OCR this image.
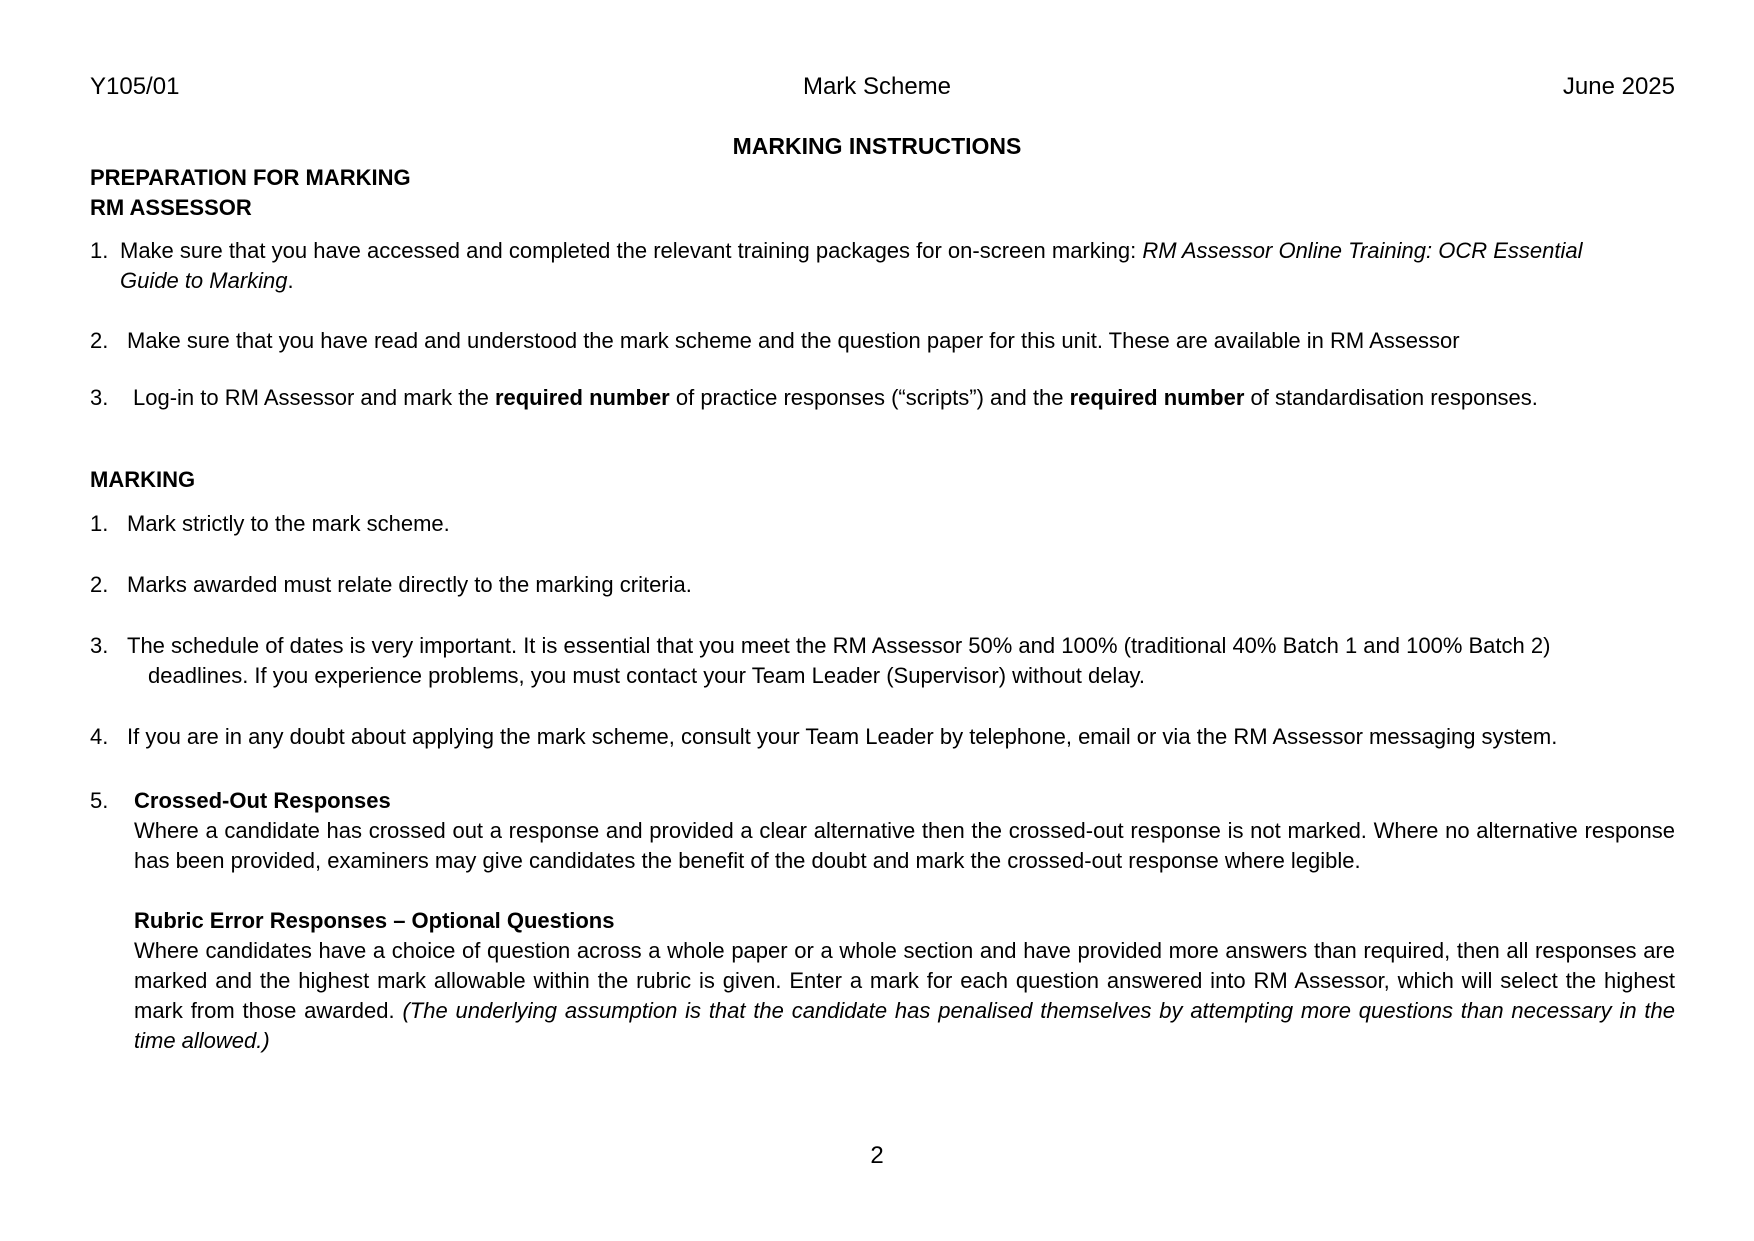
Y105/01	Mark Scheme	June 2025
MARKING INSTRUCTIONS
PREPARATION FOR MARKING
RM ASSESSOR
1. Make sure that you have accessed and completed the relevant training packages for on-screen marking: RM Assessor Online Training: OCR Essential
Guide to Marking.
2. Make sure that you have read and understood the mark scheme and the question paper for this unit. These are available in RM Assessor
3. Log-in to RM Assessor and mark the required number of practice responses (“scripts”) and the required number of standardisation responses.
MARKING
1. Mark strictly to the mark scheme.
2. Marks awarded must relate directly to the marking criteria.
3. The schedule of dates is very important. It is essential that you meet the RM Assessor 50% and 100% (traditional 40% Batch 1 and 100% Batch 2)
deadlines. If you experience problems, you must contact your Team Leader (Supervisor) without delay.
4. If you are in any doubt about applying the mark scheme, consult your Team Leader by telephone, email or via the RM Assessor messaging system.
5. Crossed-Out Responses
Where a candidate has crossed out a response and provided a clear alternative then the crossed-out response is not marked. Where no alternative response has been provided, examiners may give candidates the benefit of the doubt and mark the crossed-out response where legible.
Rubric Error Responses – Optional Questions
Where candidates have a choice of question across a whole paper or a whole section and have provided more answers than required, then all responses are marked and the highest mark allowable within the rubric is given. Enter a mark for each question answered into RM Assessor, which will select the highest mark from those awarded. (The underlying assumption is that the candidate has penalised themselves by attempting more questions than necessary in the time allowed.)
2
